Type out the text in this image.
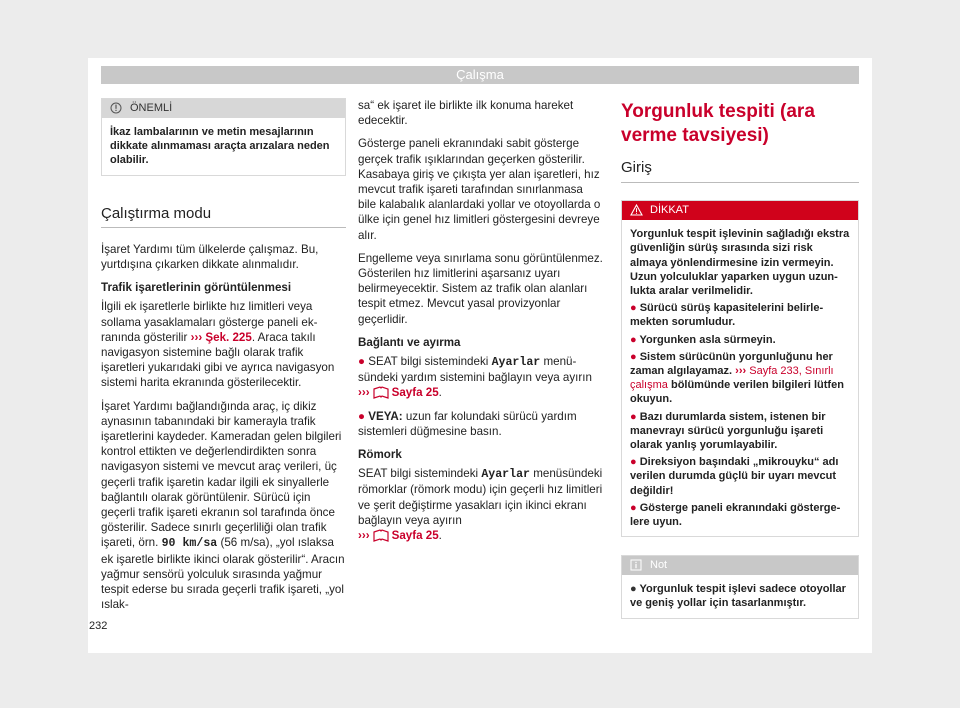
Çalışma
ÖNEMLİ
İkaz lambalarının ve metin mesajlarının dikkate alınmaması araçta arızalara neden olabilir.
Çalıştırma modu

İşaret Yardımı tüm ülkelerde çalışmaz. Bu, yurtdışına çıkarken dikkate alınmalıdır.

Trafik işaretlerinin görüntülenmesi

İlgili ek işaretlerle birlikte hız limitleri veya sollama yasaklamaları gösterge paneli ekranında gösterilir ››› Şek. 225. Araca takılı navigasyon sistemine bağlı olarak trafik işaretleri yukarıdaki gibi ve ayrıca navigasyon sistemi harita ekranında gösterilecektir.

İşaret Yardımı bağlandığında araç, iç dikiz aynasının tabanındaki bir kamerayla trafik işaretlerini kaydeder. Kameradan gelen bilgileri kontrol ettikten ve değerlendirdikten sonra navigasyon sistemi ve mevcut araç verileri, üç geçerli trafik işaretin kadar ilgili ek sinyallerle bağlantılı olarak görüntülenir. Sürücü için geçerli trafik işareti ekranın sol tarafında önce gösterilir. Sadece sınırlı geçerliliği olan trafik işareti, örn. 90 km/sa (56 m/sa), „yol ıslaksa ek işaretle birlikte ikinci olarak gösterilir“. Aracın yağmur sensörü yolculuk sırasında yağmur tespit ederse bu sırada geçerli trafik işareti, „yol ıslak-

sa“ ek işaret ile birlikte ilk konuma hareket edecektir.

Gösterge paneli ekranındaki sabit gösterge gerçek trafik ışıklarından geçerken gösterilir. Kasabaya giriş ve çıkışta yer alan işaretleri, hız mevcut trafik işareti tarafından sınırlanmasa bile kalabalık alanlardaki yollar ve otoyollarda o ülke için genel hız limitleri göstergesini devreye alır.

Engelleme veya sınırlama sonu görüntülenmez. Gösterilen hız limitlerini aşarsanız uyarı belirmeyecektir. Sistem az trafik olan alanları tespit etmez. Mevcut yasal provizyonlar geçerlidir.

Bağlantı ve ayırma

● SEAT bilgi sistemindeki Ayarlar menüsündeki yardım sistemini bağlayın veya ayırın ››› Sayfa 25.

● VEYA: uzun far kolundaki sürücü yardım sistemleri düğmesine basın.

Römork

SEAT bilgi sistemindeki Ayarlar menüsündeki römorklar (römork modu) için geçerli hız limitleri ve şerit değiştirme yasakları için ikinci ekranı bağlayın veya ayırın
››› Sayfa 25.

Yorgunluk tespiti (ara verme tavsiyesi)
Giriş
DİKKAT
Yorgunluk tespit işlevinin sağladığı ekstra güvenliğin sürüş sırasında sizi risk almaya yönlendirmesine izin vermeyin. Uzun yolculuklar yaparken uygun uzunlukta aralar verilmelidir.
● Sürücü sürüş kapasitelerini belirlemekten sorumludur.
● Yorgunken asla sürmeyin.
● Sistem sürücünün yorgunluğunu her zaman algılayamaz. ››› Sayfa 233, Sınırlı çalışma bölümünde verilen bilgileri lütfen okuyun.
● Bazı durumlarda sistem, istenen bir manevrayı sürücü yorgunluğu işareti olarak yanlış yorumlayabilir.
● Direksiyon başındaki „mikrouyku“ adı verilen durumda güçlü bir uyarı mevcut değildir!
● Gösterge paneli ekranındaki göstergelere uyun.
Not
● Yorgunluk tespit işlevi sadece otoyollar ve geniş yollar için tasarlanmıştır.
232
